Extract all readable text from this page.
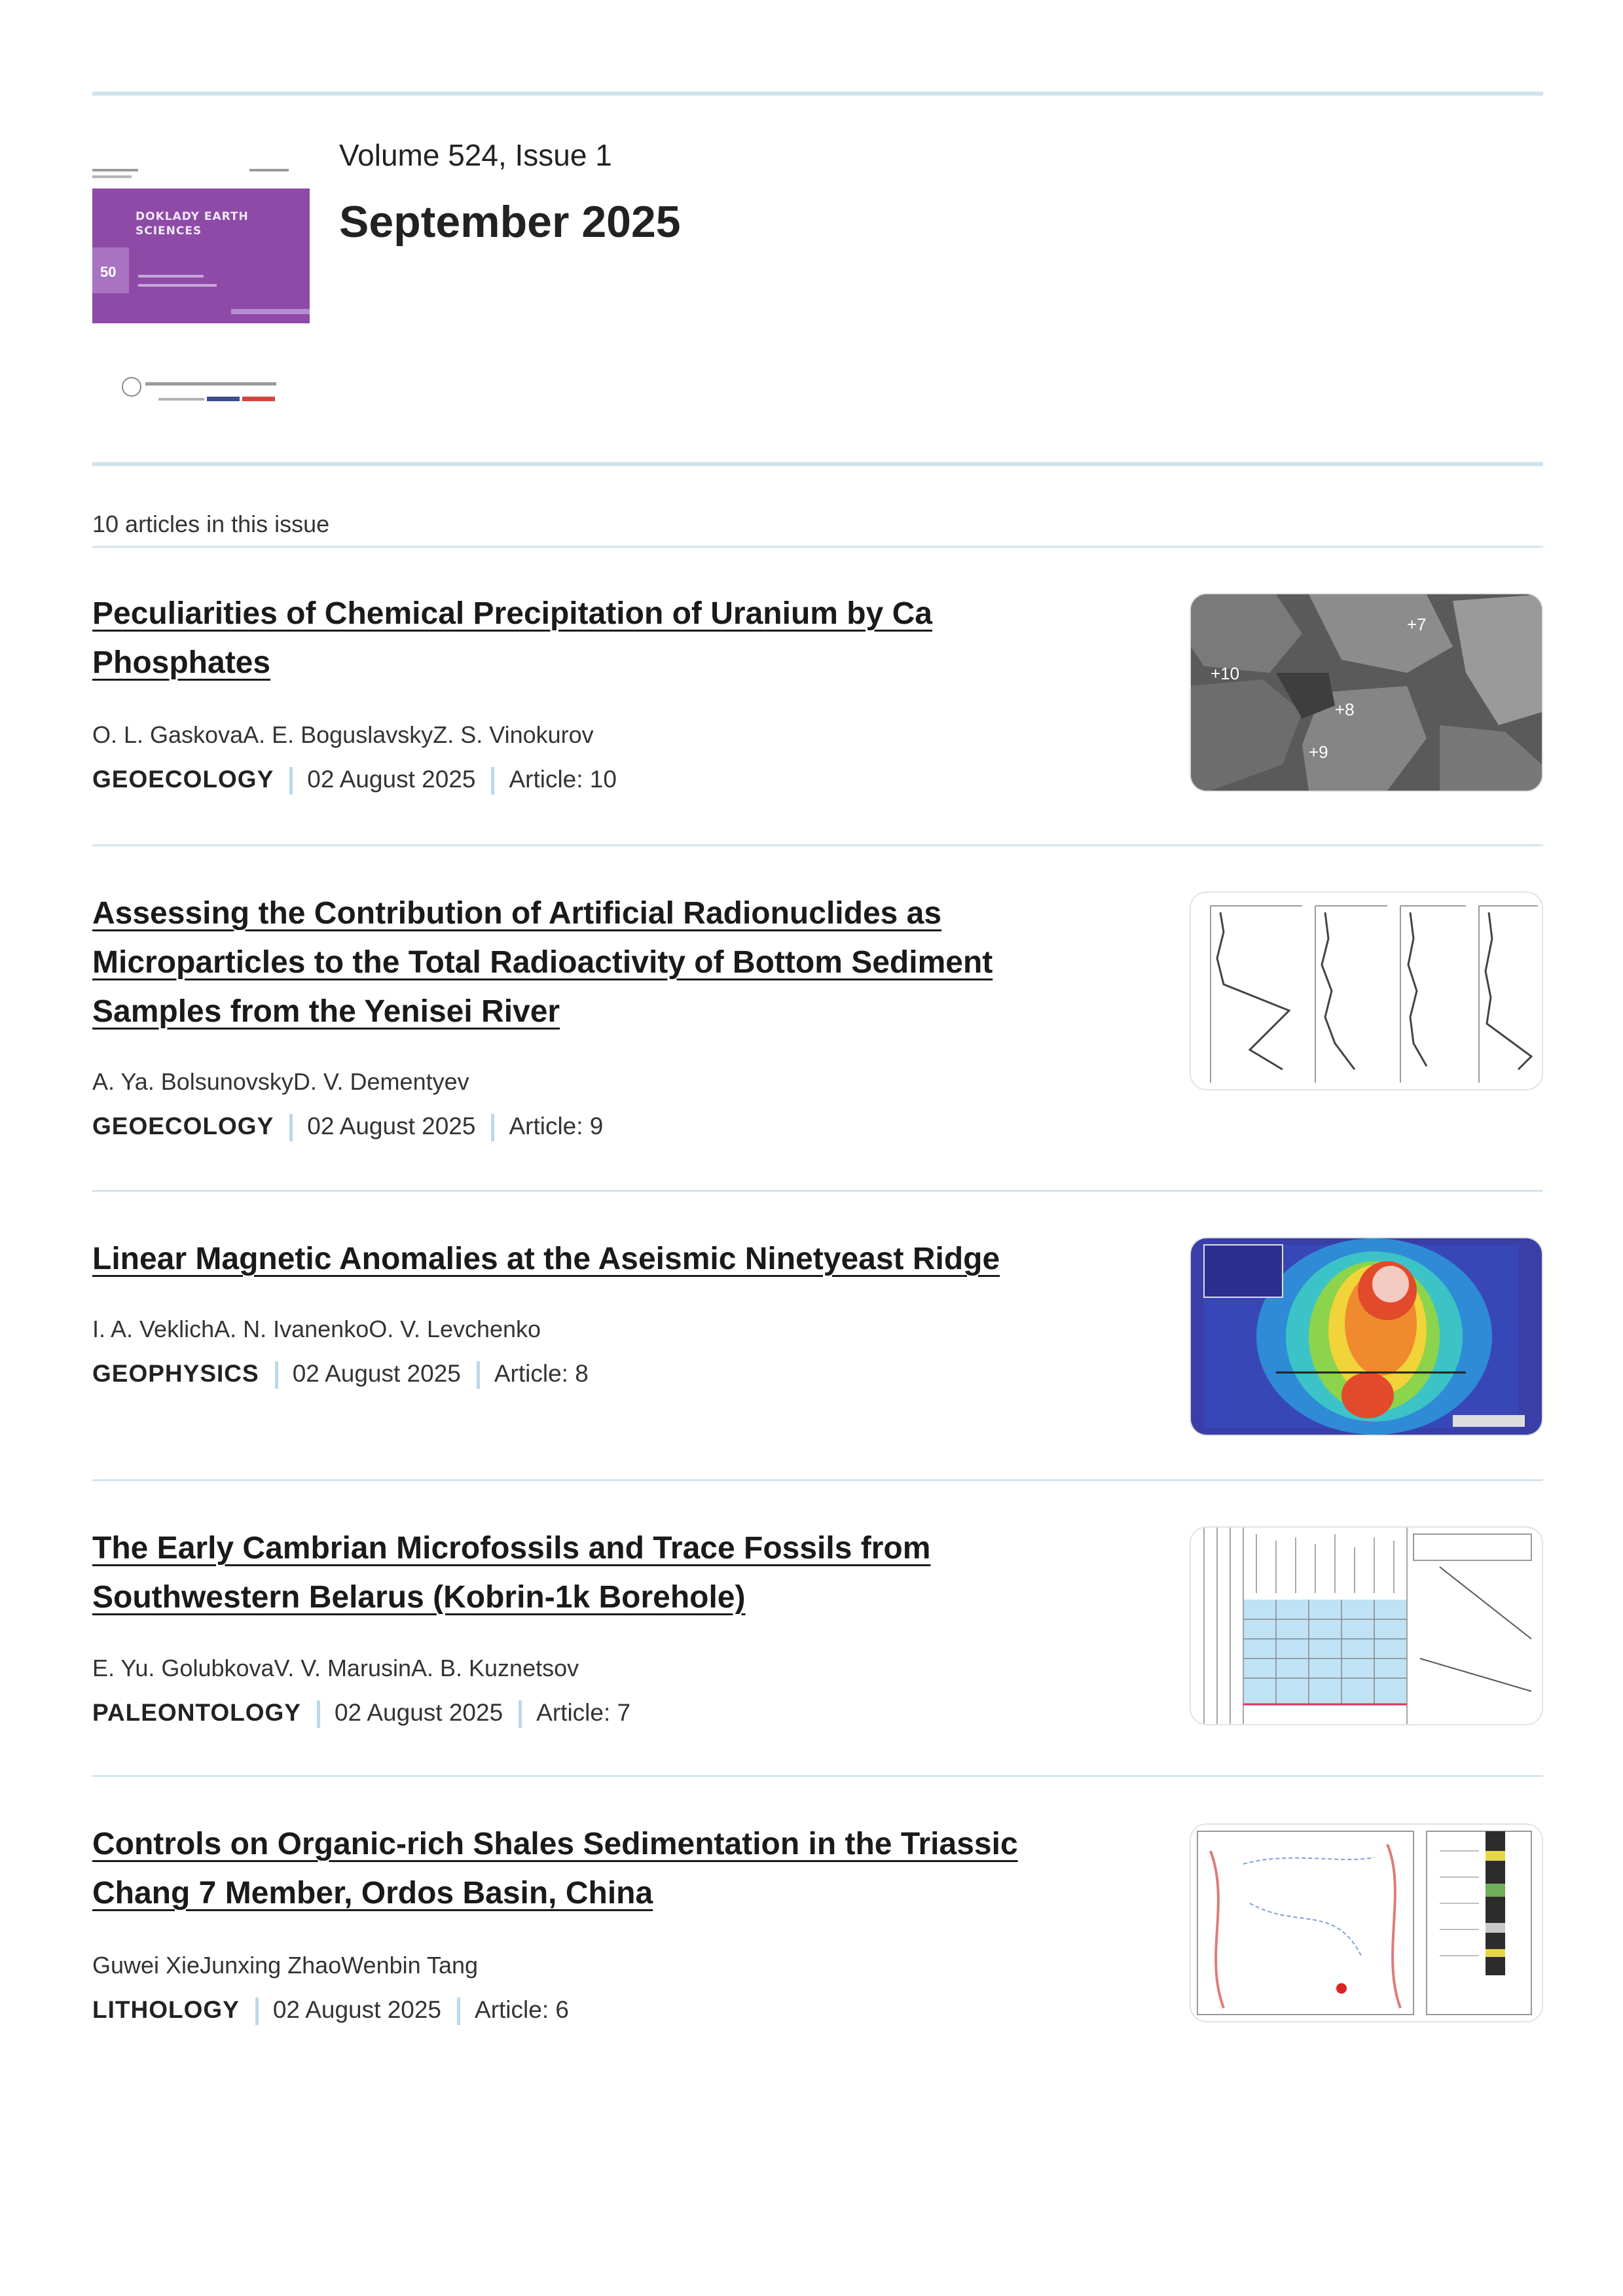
DOKLADY EARTH SCIENCES
50
Volume 524, Issue 1
September 2025
10 articles in this issue
Peculiarities of Chemical Precipitation of Uranium by Ca Phosphates
O. L. GaskovaA. E. BoguslavskyZ. S. Vinokurov
GEOECOLOGY 02 August 2025 Article: 10
+7
+10
+8
+9
Assessing the Contribution of Artificial Radionuclides as Microparticles to the Total Radioactivity of Bottom Sediment Samples from the Yenisei River
A. Ya. BolsunovskyD. V. Dementyev
GEOECOLOGY 02 August 2025 Article: 9
Linear Magnetic Anomalies at the Aseismic Ninetyeast Ridge
I. A. VeklichA. N. IvanenkoO. V. Levchenko
GEOPHYSICS 02 August 2025 Article: 8
The Early Cambrian Microfossils and Trace Fossils from Southwestern Belarus (Kobrin-1k Borehole)
E. Yu. GolubkovaV. V. MarusinA. B. Kuznetsov
PALEONTOLOGY 02 August 2025 Article: 7
Controls on Organic-rich Shales Sedimentation in the Triassic Chang 7 Member, Ordos Basin, China
Guwei XieJunxing ZhaoWenbin Tang
LITHOLOGY 02 August 2025 Article: 6
